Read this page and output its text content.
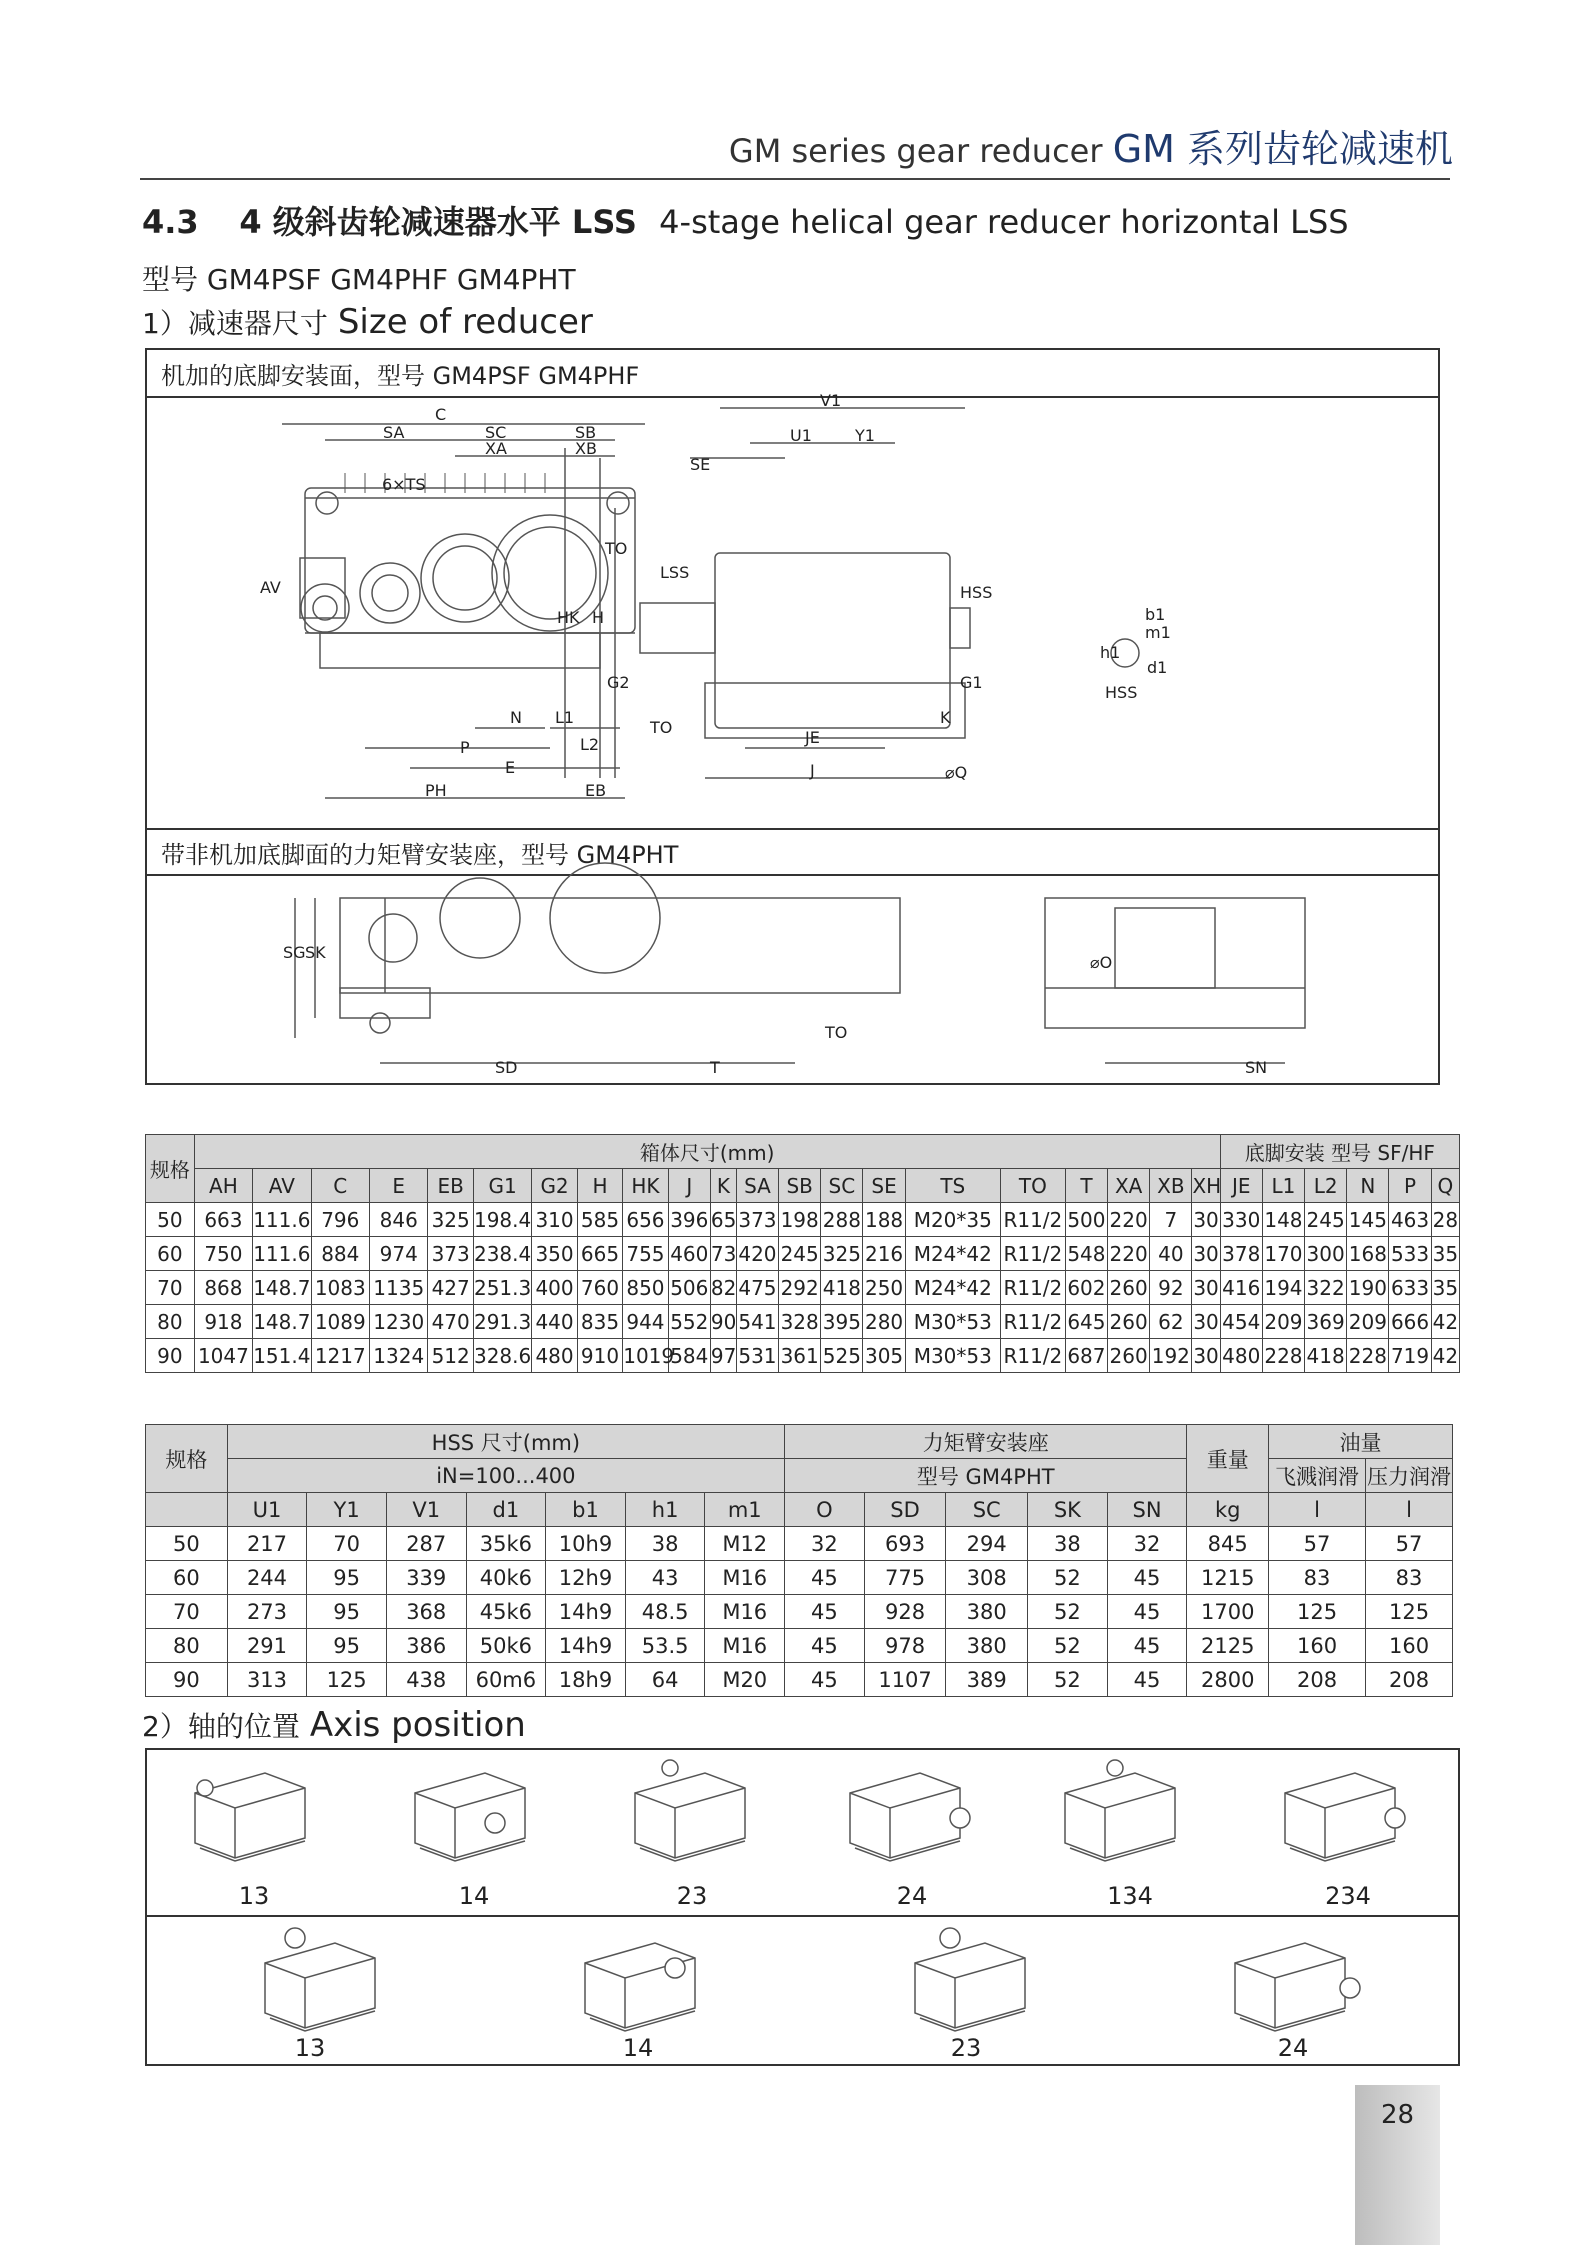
GM series gear reducer GM 系列齿轮减速机
4.3 4 级斜齿轮减速器水平 LSS 4-stage helical gear reducer horizontal LSS
型号 GM4PSF GM4PHF GM4PHT
1）减速器尺寸 Size of reducer
机加的底脚安装面，型号 GM4PSF GM4PHF
带非机加底脚面的力矩臂安装座，型号 GM4PHT
C
SA	SC	SB
XA	XB
6×TS
TO
AV
N L1
L2
P
E
PH	EB
TO
V1
U1	Y1
SE
LSS
HK H
G2
HSS
G1
K
JE
J	⌀Q
b1
m1
h1
d1
HSS
SG SK
TO
SD	T
⌀O
SN
规格	箱体尺寸(mm)																					底脚安装 型号 SF/HF					
	AH	AV	C	E	EB	G1	G2	H	HK	J	K	SA	SB	SC	SE	TS	TO	T	XA	XB	XH	JE	L1	L2	N	P	Q
50	663	111.6	796	846	325	198.4	310	585	656	396	65	373	198	288	188	M20*35	R11/2	500	220	7	30	330	148	245	145	463	28
60	750	111.6	884	974	373	238.4	350	665	755	460	73	420	245	325	216	M24*42	R11/2	548	220	40	30	378	170	300	168	533	35
70	868	148.7	1083	1135	427	251.3	400	760	850	506	82	475	292	418	250	M24*42	R11/2	602	260	92	30	416	194	322	190	633	35
80	918	148.7	1089	1230	470	291.3	440	835	944	552	90	541	328	395	280	M30*53	R11/2	645	260	62	30	454	209	369	209	666	42
90	1047	151.4	1217	1324	512	328.6	480	910	1019	584	97	531	361	525	305	M30*53	R11/2	687	260	192	30	480	228	418	228	719	42
规格	HSS 尺寸(mm)							力矩臂安装座					重量	油量	
	iN=100...400							型号 GM4PHT						飞溅润滑	压力润滑
	U1	Y1	V1	d1	b1	h1	m1	O	SD	SC	SK	SN	kg	l	l
50	217	70	287	35k6	10h9	38	M12	32	693	294	38	32	845	57	57
60	244	95	339	40k6	12h9	43	M16	45	775	308	52	45	1215	83	83
70	273	95	368	45k6	14h9	48.5	M16	45	928	380	52	45	1700	125	125
80	291	95	386	50k6	14h9	53.5	M16	45	978	380	52	45	2125	160	160
90	313	125	438	60m6	18h9	64	M20	45	1107	389	52	45	2800	208	208
2）轴的位置 Axis position
13	14	23	24	134	234
13	14	23	24
28
